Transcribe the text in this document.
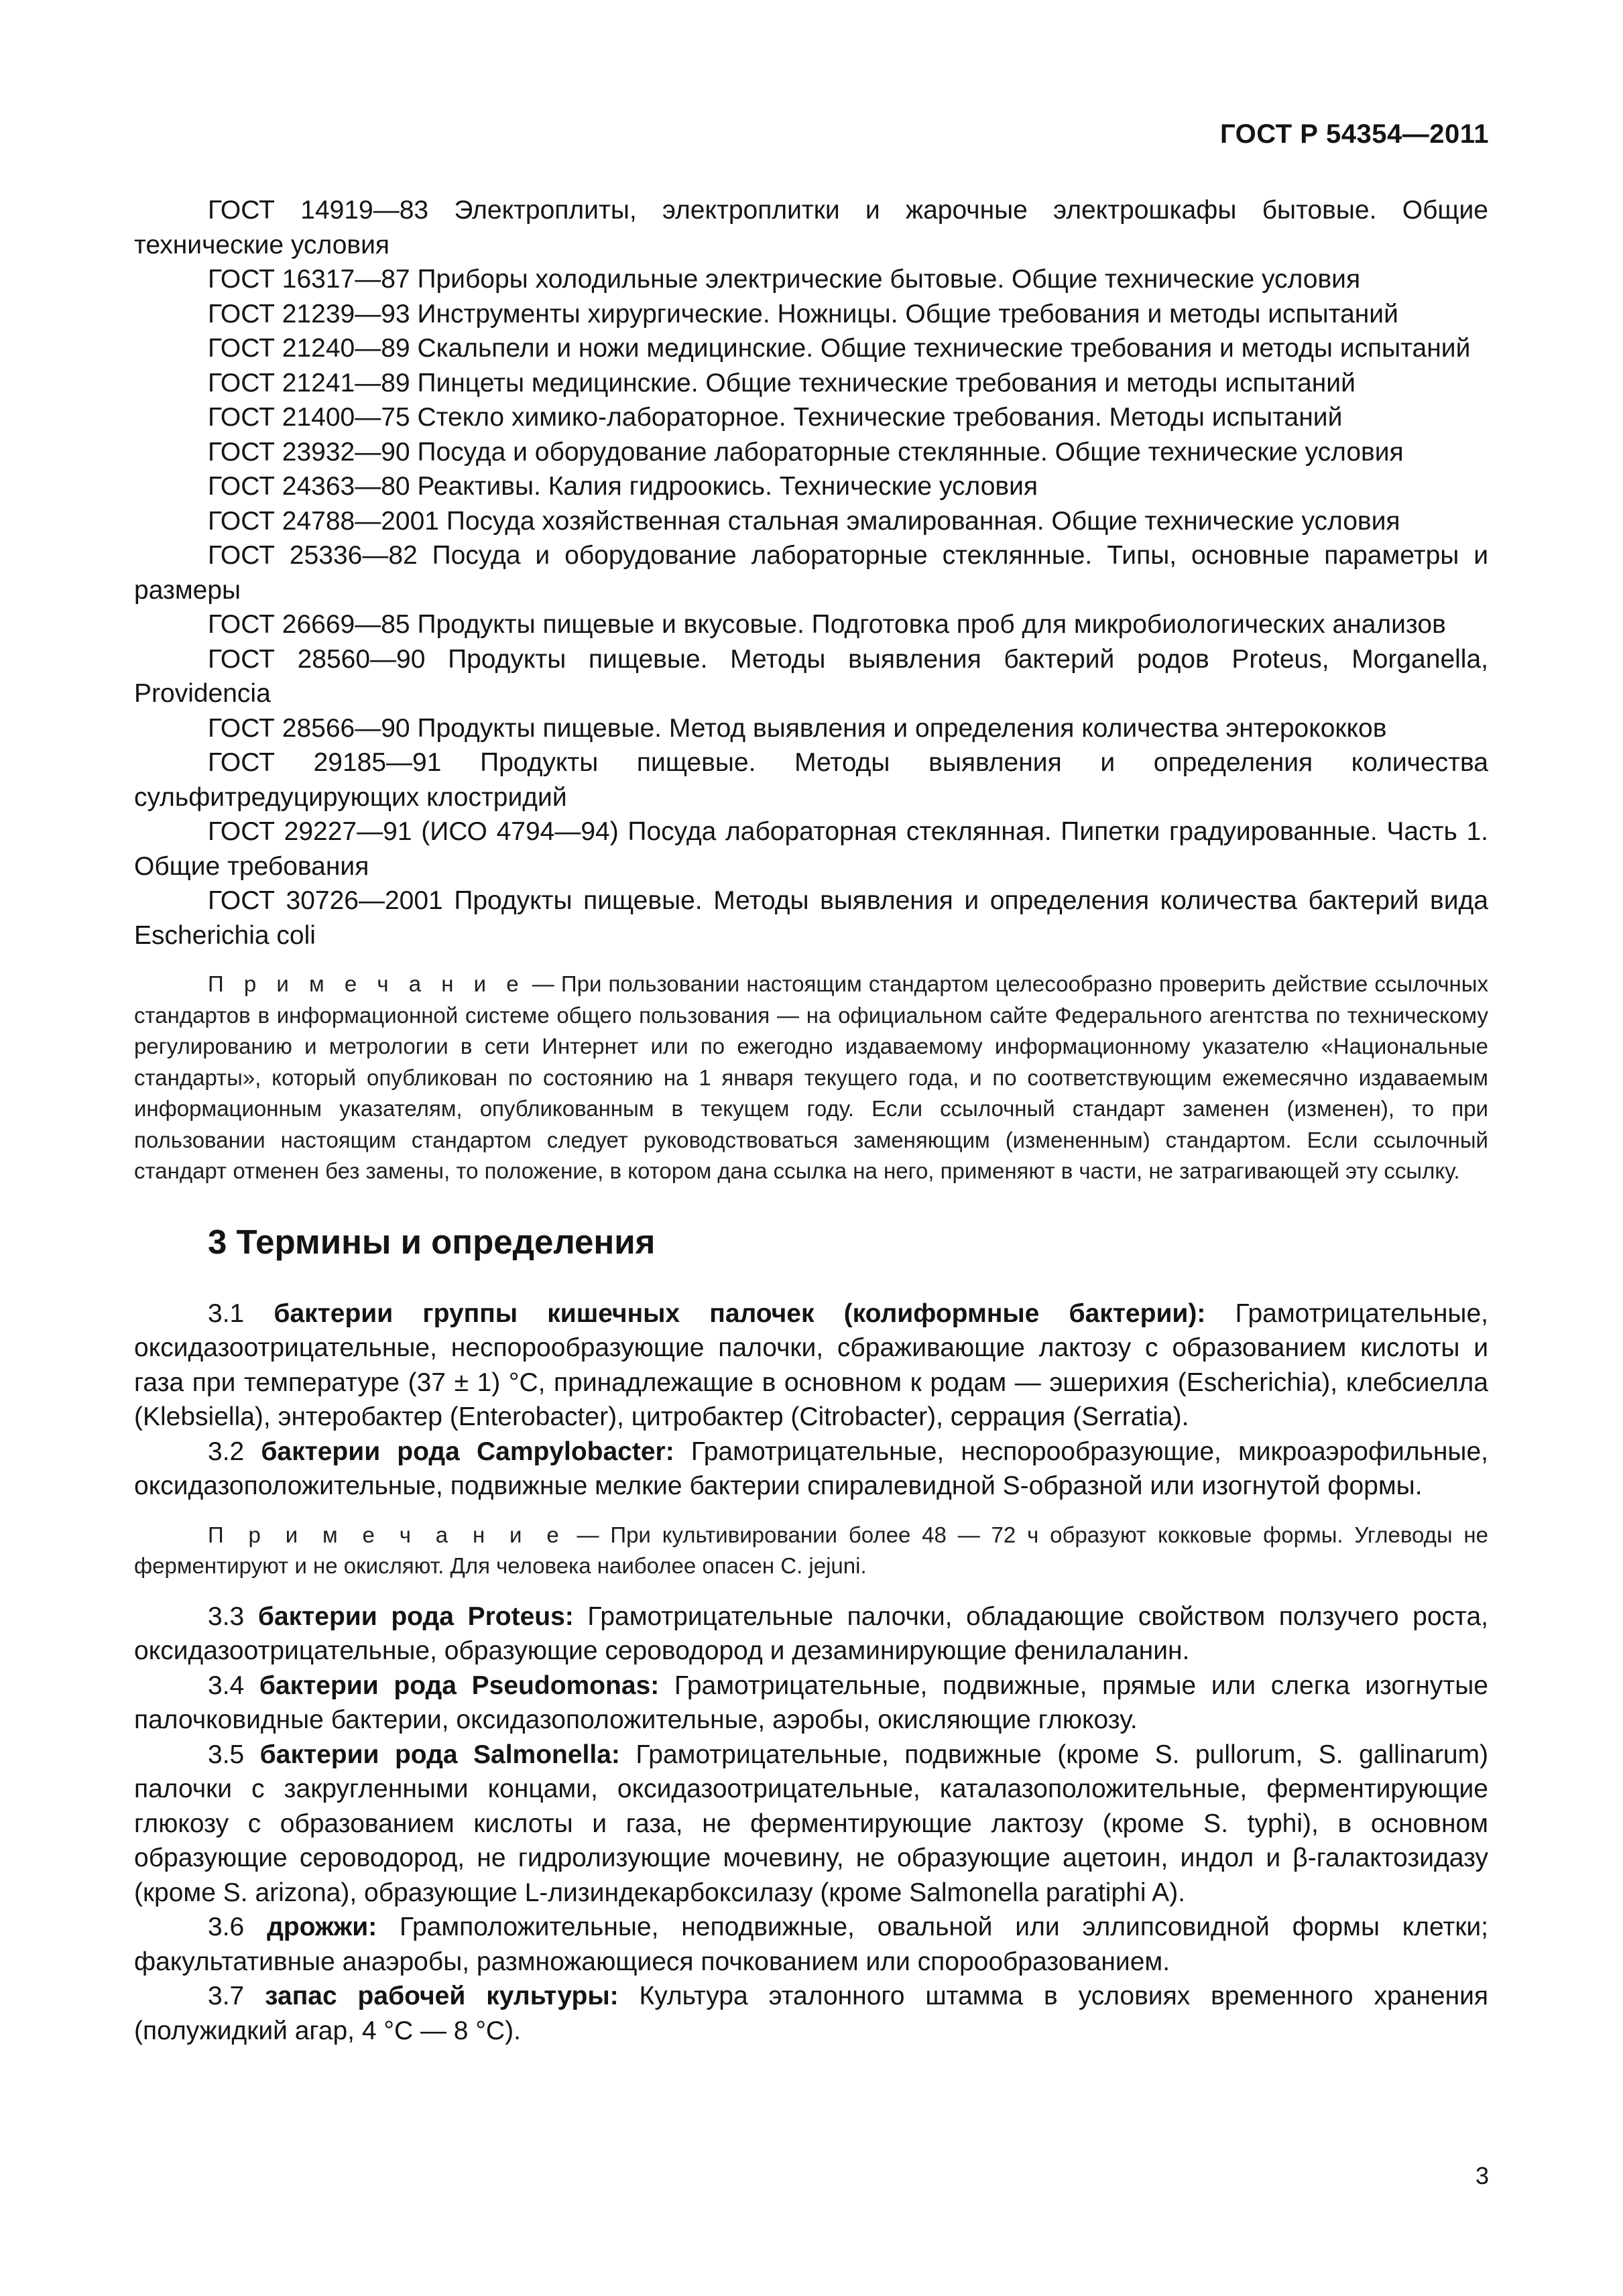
ГОСТ Р 54354—2011

ГОСТ 14919—83 Электроплиты, электроплитки и жарочные электрошкафы бытовые. Общие технические условия

ГОСТ 16317—87 Приборы холодильные электрические бытовые. Общие технические условия

ГОСТ 21239—93 Инструменты хирургические. Ножницы. Общие требования и методы испытаний

ГОСТ 21240—89 Скальпели и ножи медицинские. Общие технические требования и методы испытаний

ГОСТ 21241—89 Пинцеты медицинские. Общие технические требования и методы испытаний

ГОСТ 21400—75 Стекло химико-лабораторное. Технические требования. Методы испытаний

ГОСТ 23932—90 Посуда и оборудование лабораторные стеклянные. Общие технические условия

ГОСТ 24363—80 Реактивы. Калия гидроокись. Технические условия

ГОСТ 24788—2001 Посуда хозяйственная стальная эмалированная. Общие технические условия

ГОСТ 25336—82 Посуда и оборудование лабораторные стеклянные. Типы, основные параметры и размеры

ГОСТ 26669—85 Продукты пищевые и вкусовые. Подготовка проб для микробиологических анализов

ГОСТ 28560—90 Продукты пищевые. Методы выявления бактерий родов Proteus, Morganella, Providencia

ГОСТ 28566—90 Продукты пищевые. Метод выявления и определения количества энтерококков

ГОСТ 29185—91 Продукты пищевые. Методы выявления и определения количества сульфитредуцирующих клостридий

ГОСТ 29227—91 (ИСО 4794—94) Посуда лабораторная стеклянная. Пипетки градуированные. Часть 1. Общие требования

ГОСТ 30726—2001 Продукты пищевые. Методы выявления и определения количества бактерий вида Escherichia coli

П р и м е ч а н и е — При пользовании настоящим стандартом целесообразно проверить действие ссылочных стандартов в информационной системе общего пользования — на официальном сайте Федерального агентства по техническому регулированию и метрологии в сети Интернет или по ежегодно издаваемому информационному указателю «Национальные стандарты», который опубликован по состоянию на 1 января текущего года, и по соответствующим ежемесячно издаваемым информационным указателям, опубликованным в текущем году. Если ссылочный стандарт заменен (изменен), то при пользовании настоящим стандартом следует руководствоваться заменяющим (измененным) стандартом. Если ссылочный стандарт отменен без замены, то положение, в котором дана ссылка на него, применяют в части, не затрагивающей эту ссылку.

3 Термины и определения

3.1 бактерии группы кишечных палочек (колиформные бактерии): Грамотрицательные, оксидазоотрицательные, неспорообразующие палочки, сбраживающие лактозу с образованием кислоты и газа при температуре (37 ± 1) °С, принадлежащие в основном к родам — эшерихия (Escherichia), клебсиелла (Klebsiella), энтеробактер (Enterobacter), цитробактер (Citrobacter), серрация (Serratia).

3.2 бактерии рода Campylobacter: Грамотрицательные, неспорообразующие, микроаэрофильные, оксидазоположительные, подвижные мелкие бактерии спиралевидной S-образной или изогнутой формы.

П р и м е ч а н и е — При культивировании более 48 — 72 ч образуют кокковые формы. Углеводы не ферментируют и не окисляют. Для человека наиболее опасен C. jejuni.

3.3 бактерии рода Proteus: Грамотрицательные палочки, обладающие свойством ползучего роста, оксидазоотрицательные, образующие сероводород и дезаминирующие фенилаланин.

3.4 бактерии рода Pseudomonas: Грамотрицательные, подвижные, прямые или слегка изогнутые палочковидные бактерии, оксидазоположительные, аэробы, окисляющие глюкозу.

3.5 бактерии рода Salmonella: Грамотрицательные, подвижные (кроме S. pullorum, S. gallinarum) палочки с закругленными концами, оксидазоотрицательные, каталазоположительные, ферментирующие глюкозу с образованием кислоты и газа, не ферментирующие лактозу (кроме S. typhi), в основном образующие сероводород, не гидролизующие мочевину, не образующие ацетоин, индол и β-галактозидазу (кроме S. arizona), образующие L-лизиндекарбоксилазу (кроме Salmonella paratiphi A).

3.6 дрожжи: Грамположительные, неподвижные, овальной или эллипсовидной формы клетки; факультативные анаэробы, размножающиеся почкованием или спорообразованием.

3.7 запас рабочей культуры: Культура эталонного штамма в условиях временного хранения (полужидкий агар, 4 °С — 8 °С).

3
